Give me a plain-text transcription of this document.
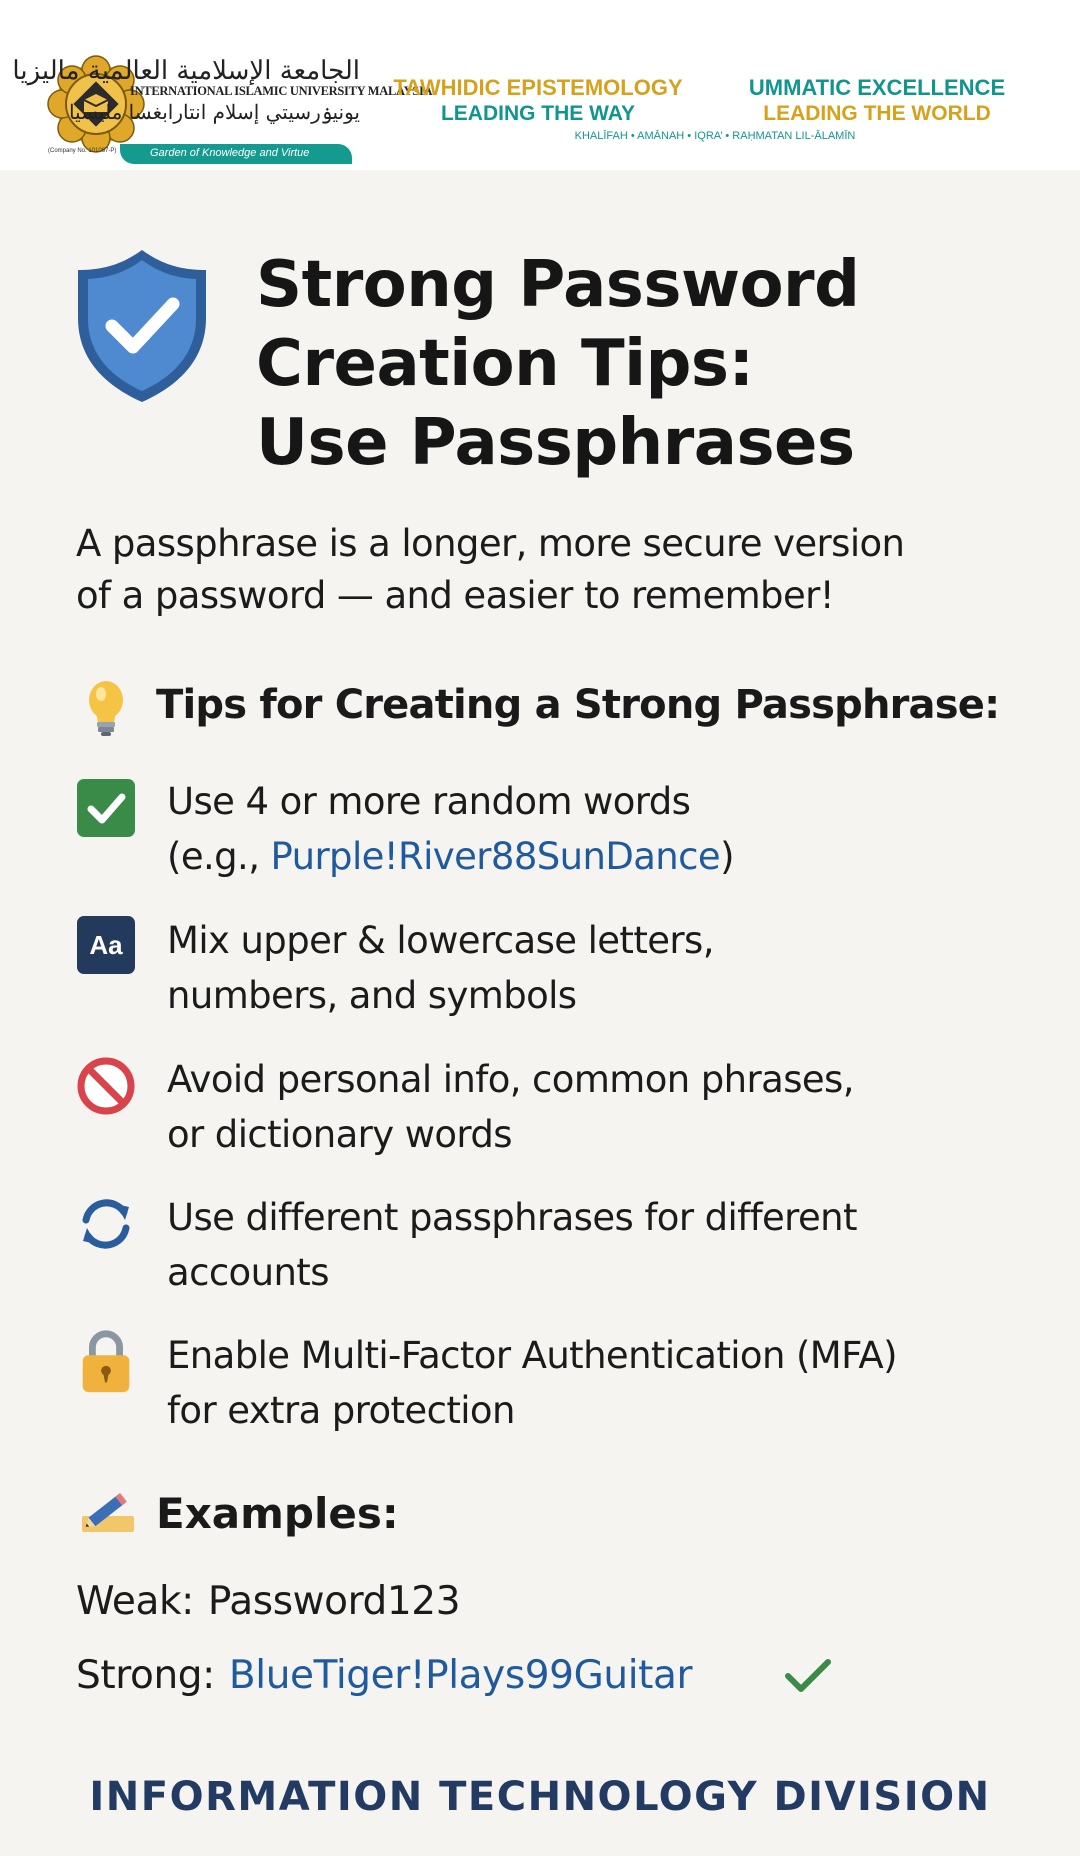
الجامعة الإسلامية العالمية ماليزيا
INTERNATIONAL ISLAMIC UNIVERSITY MALAYSIA
يونيۏرسيتي إسلام انتارابغسا مليسيا
(Company No. 101067-P)	Garden of Knowledge and Virtue
TAWHIDIC EPISTEMOLOGY
LEADING THE WAY
UMMATIC EXCELLENCE
LEADING THE WORLD
KHALĪFAH • AMĀNAH • IQRA’ • RAḤMATAN LIL-ĀLAMĪN
Strong Password
Creation Tips:
Use Passphrases
A passphrase is a longer, more secure version
of a password — and easier to remember!
Tips for Creating a Strong Passphrase:
Use 4 or more random words
(e.g., Purple!River88SunDance)
Aa Mix upper & lowercase letters,
numbers, and symbols
Avoid personal info, common phrases,
or dictionary words
Use different passphrases for different
accounts
Enable Multi-Factor Authentication (MFA)
for extra protection
Examples:
Weak: Password123
Strong: BlueTiger!Plays99Guitar
INFORMATION TECHNOLOGY DIVISION
